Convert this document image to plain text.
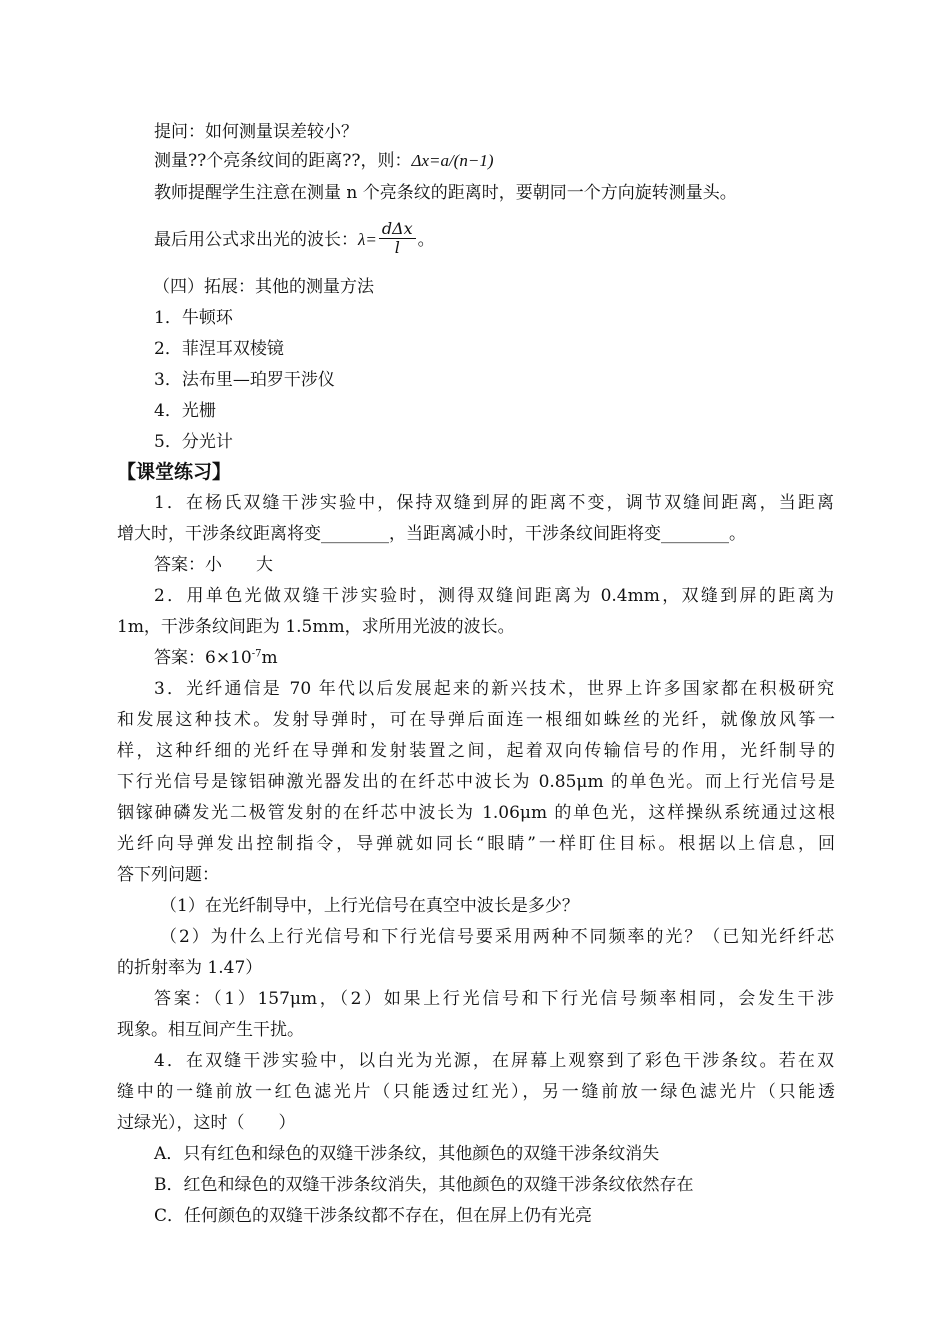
提问：如何测量误差较小？
测量??个亮条纹间的距离??，则：Δx=a/(n−1)
教师提醒学生注意在测量 n 个亮条纹的距离时，要朝同一个方向旋转测量头。
最后用公式求出光的波长：$\lambda= \frac{\text{dΔx}}{l}$ 。
（四）拓展：其他的测量方法
1．牛顿环
2．菲涅耳双棱镜
3．法布里—珀罗干涉仪
4．光栅
5．分光计
【课堂练习】
1．在杨氏双缝干涉实验中，保持双缝到屏的距离不变，调节双缝间距离，当距离
增大时，干涉条纹距离将变________，当距离减小时，干涉条纹间距将变________。
答案：小　　大
2．用单色光做双缝干涉实验时，测得双缝间距离为 0.4mm，双缝到屏的距离为
1m，干涉条纹间距为 1.5mm，求所用光波的波长。
答案：$6\times 10^{-7}m$
3．光纤通信是 70 年代以后发展起来的新兴技术，世界上许多国家都在积极研究
和发展这种技术。发射导弹时，可在导弹后面连一根细如蛛丝的光纤，就像放风筝一
样，这种纤细的光纤在导弹和发射装置之间，起着双向传输信号的作用，光纤制导的
下行光信号是镓铝砷激光器发出的在纤芯中波长为 0.85μm 的单色光。而上行光信号是
铟镓砷磷发光二极管发射的在纤芯中波长为 1.06μm 的单色光，这样操纵系统通过这根
光纤向导弹发出控制指令，导弹就如同长“眼睛”一样盯住目标。根据以上信息，回
答下列问题：
（1）在光纤制导中，上行光信号在真空中波长是多少？
（2）为什么上行光信号和下行光信号要采用两种不同频率的光？（已知光纤纤芯
的折射率为 1.47）
答案：（1）157μm，（2）如果上行光信号和下行光信号频率相同，会发生干涉
现象。相互间产生干扰。
4．在双缝干涉实验中，以白光为光源，在屏幕上观察到了彩色干涉条纹。若在双
缝中的一缝前放一红色滤光片（只能透过红光），另一缝前放一绿色滤光片（只能透
过绿光），这时（　　）
A．只有红色和绿色的双缝干涉条纹，其他颜色的双缝干涉条纹消失
B．红色和绿色的双缝干涉条纹消失，其他颜色的双缝干涉条纹依然存在
C．任何颜色的双缝干涉条纹都不存在，但在屏上仍有光亮
